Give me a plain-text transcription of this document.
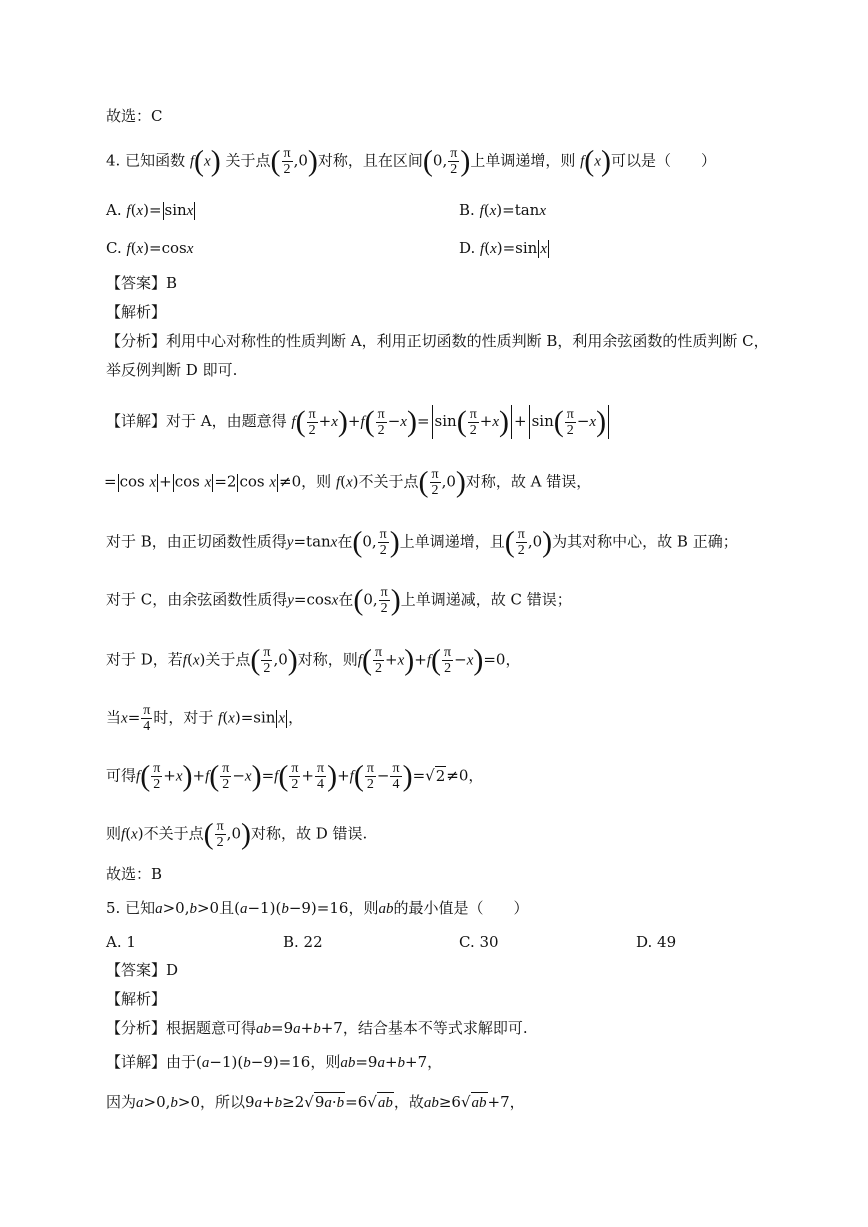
故选：C
4. 已知函数 f(x) 关于点( $\frac{\pi}{2} ,0$)对称，且在区间(0, $\frac{\pi}{2}$ )上单调递增，则 f(x)可以是（　　）
A. f(x)= sinx	B. f(x)=tanx
C. f(x)=cosx	D. f(x)=sin x
【答案】B
【解析】
【分析】利用中心对称性的性质判断 A，利用正切函数的性质判断 B，利用余弦函数的性质判断 C，
举反例判断 D 即可.
【详解】对于 A，由题意得 $f( \frac{\pi}{2} +x)+f( \frac{\pi}{2} -x)= \sin( \frac{\pi}{2} +x) + \sin( \frac{\pi}{2} -x)$
= cos x + cos x =2 cos x ≠0，则 f(x)不关于点( $\frac{\pi}{2} ,0$)对称，故 A 错误，
对于 B，由正切函数性质得y=tanx在(0, $\frac{\pi}{2}$ )上单调递增，且( $\frac{\pi}{2} ,0$)为其对称中心，故 B 正确；
对于 C，由余弦函数性质得y=cosx在(0, $\frac{\pi}{2}$ )上单调递减，故 C 错误；
对于 D，若f(x)关于点( $\frac{\pi}{2} ,0$)对称，则$f( \frac{\pi}{2} +x)+f( \frac{\pi}{2} -x)=0$，
当$x= \frac{\pi}{4}$ 时，对于 f(x)=sin x ，
可得$f( \frac{\pi}{2} +x)+f( \frac{\pi}{2} -x)=f( \frac{\pi}{2} + \frac{\pi}{4} )+f( \frac{\pi}{2} - \frac{\pi}{4} )=√2\ne 0$，
则f(x)不关于点( $\frac{\pi}{2} ,0$)对称，故 D 错误.
故选：B
5. 已知a>0,b>0且(a−1)(b−9)=16，则ab的最小值是（　　）
A. 1	B. 22	C. 30	D. 49
【答案】D
【解析】
【分析】根据题意可得ab=9a+b+7，结合基本不等式求解即可.
【详解】由于(a−1)(b−9)=16，则ab=9a+b+7，
因为a>0,b>0，所以9a+b≥2√9a·b=6√ab，故ab≥6√ab+7，
